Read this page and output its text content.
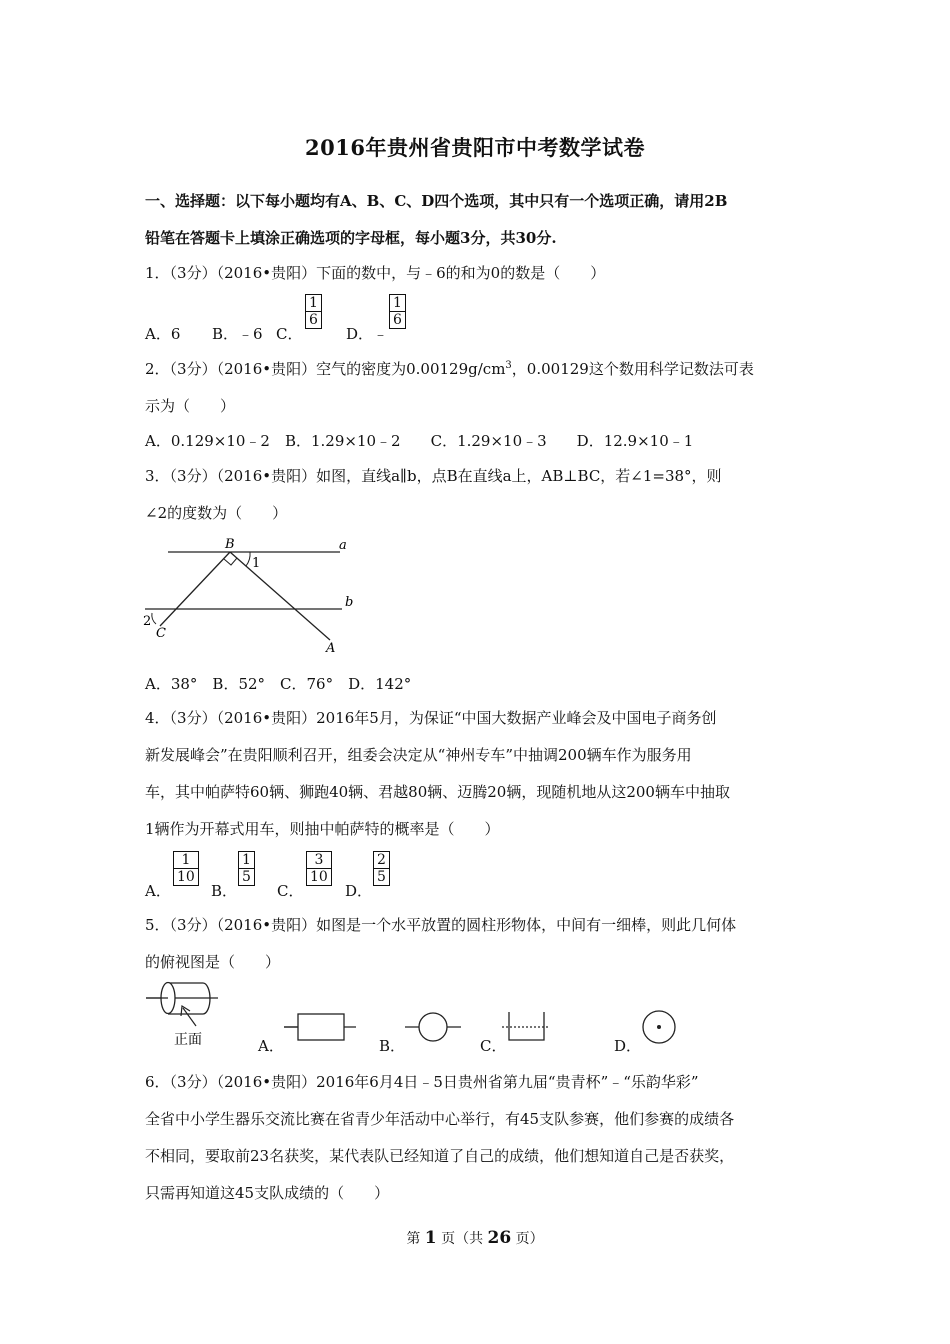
2016年贵州省贵阳市中考数学试卷
一、选择题：以下每小题均有A、B、C、D四个选项，其中只有一个选项正确，请用2B
铅笔在答题卡上填涂正确选项的字母框，每小题3分，共30分.
1．（3分）（2016•贵阳）下面的数中，与﹣6的和为0的数是（　　）
A．6 B．﹣6 C．
$\frac{1}{6}$
D．﹣
$\frac{1}{6}$
2．（3分）（2016•贵阳）空气的密度为$0.00129g/cm^3$，0.00129这个数用科学记数法可表
示为（　　）
A．0.129×10﹣2　B．1.29×10﹣2　　C．1.29×10﹣3　　D．12.9×10﹣1
3．（3分）（2016•贵阳）如图，直线a∥b，点B在直线a上，AB⊥BC，若∠1=38°，则
∠2的度数为（　　）
B	a
1
b
2
C
A
A．38°　B．52°　C．76°　D．142°
4．（3分）（2016•贵阳）2016年5月，为保证“中国大数据产业峰会及中国电子商务创
新发展峰会”在贵阳顺利召开，组委会决定从“神州专车”中抽调200辆车作为服务用
车，其中帕萨特60辆、狮跑40辆、君越80辆、迈腾20辆，现随机地从这200辆车中抽取
1辆作为开幕式用车，则抽中帕萨特的概率是（　　）
A．
$\frac{1}{10}$
B．
$\frac{1}{5}$
C．
$\frac{3}{10}$
D．
$\frac{2}{5}$
5．（3分）（2016•贵阳）如图是一个水平放置的圆柱形物体，中间有一细棒，则此几何体
的俯视图是（　　）
正面	A．	B．	C．	D．
6．（3分）（2016•贵阳）2016年6月4日﹣5日贵州省第九届“贵青杯”﹣“乐韵华彩”
全省中小学生器乐交流比赛在省青少年活动中心举行，有45支队参赛，他们参赛的成绩各
不相同，要取前23名获奖，某代表队已经知道了自己的成绩，他们想知道自己是否获奖，
只需再知道这45支队成绩的（　　）
第 1 页（共 26 页）
